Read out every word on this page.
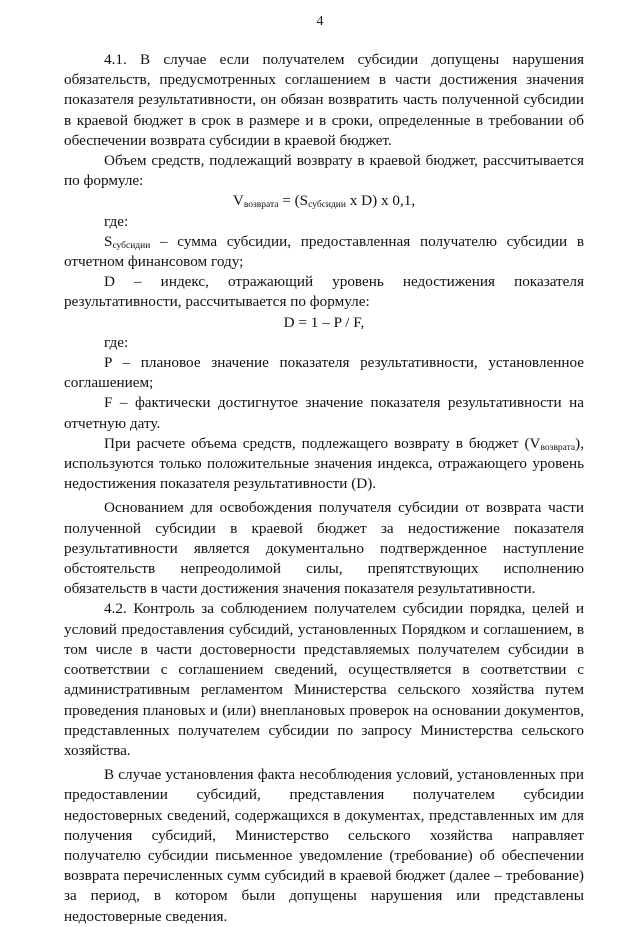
4

4.1. В случае если получателем субсидии допущены нарушения обязательств, предусмотренных соглашением в части достижения значения показателя результативности, он обязан возвратить часть полученной субсидии в краевой бюджет в срок в размере и в сроки, определенные в требовании об обеспечении возврата субсидии в краевой бюджет.

Объем средств, подлежащий возврату в краевой бюджет, рассчитывается по формуле:

$V_{возврата} = (S_{субсидии}$ x D) x 0,1,

где:

$S_{субсидии}$ – сумма субсидии, предоставленная получателю субсидии в отчетном финансовом году;

D – индекс, отражающий уровень недостижения показателя результативности, рассчитывается по формуле:

D = 1 – P / F,

где:

P – плановое значение показателя результативности, установленное соглашением;

F – фактически достигнутое значение показателя результативности на отчетную дату.

При расчете объема средств, подлежащего возврату в бюджет $(V_{возврата})$, используются только положительные значения индекса, отражающего уровень недостижения показателя результативности (D).

Основанием для освобождения получателя субсидии от возврата части полученной субсидии в краевой бюджет за недостижение показателя результативности является документально подтвержденное наступление обстоятельств непреодолимой силы, препятствующих исполнению обязательств в части достижения значения показателя результативности.

4.2. Контроль за соблюдением получателем субсидии порядка, целей и условий предоставления субсидий, установленных Порядком и соглашением, в том числе в части достоверности представляемых получателем субсидии в соответствии с соглашением сведений, осуществляется в соответствии с административным регламентом Министерства сельского хозяйства путем проведения плановых и (или) внеплановых проверок на основании документов, представленных получателем субсидии по запросу Министерства сельского хозяйства.

В случае установления факта несоблюдения условий, установленных при предоставлении субсидий, представления получателем субсидии недостоверных сведений, содержащихся в документах, представленных им для получения субсидий, Министерство сельского хозяйства направляет получателю субсидии письменное уведомление (требование) об обеспечении возврата перечисленных сумм субсидий в краевой бюджет (далее – требование) за период, в котором были допущены нарушения или представлены недостоверные сведения.
